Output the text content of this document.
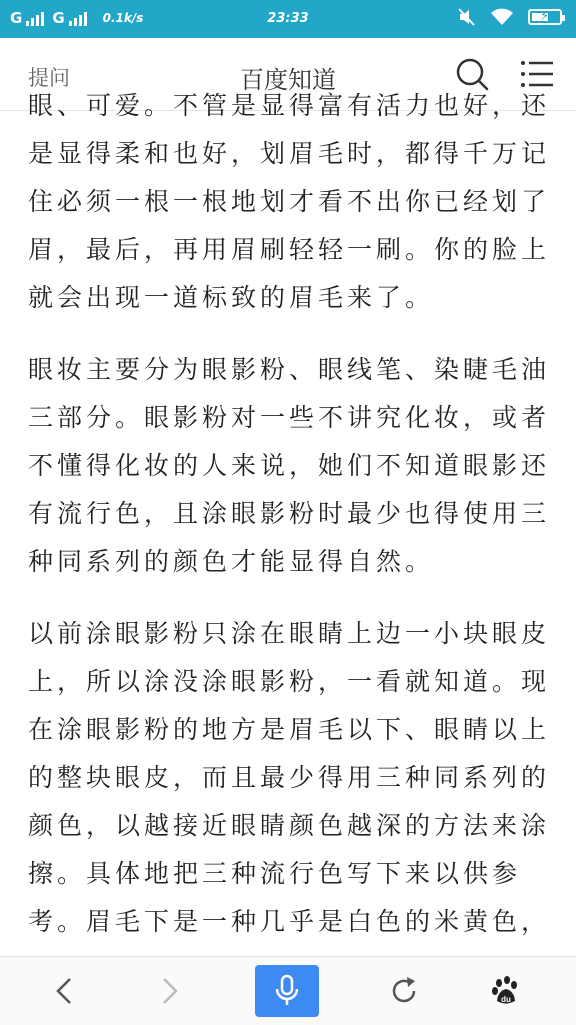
G G	0.1k/s	23:33	⚡
提问	百度知道

眼、可爱。不管是显得富有活力也好，还是显得柔和也好，划眉毛时，都得千万记住必须一根一根地划才看不出你已经划了眉，最后，再用眉刷轻轻一刷。你的脸上就会出现一道标致的眉毛来了。

眼妆主要分为眼影粉、眼线笔、染睫毛油三部分。眼影粉对一些不讲究化妆，或者不懂得化妆的人来说，她们不知道眼影还有流行色，且涂眼影粉时最少也得使用三种同系列的颜色才能显得自然。

以前涂眼影粉只涂在眼睛上边一小块眼皮上，所以涂没涂眼影粉，一看就知道。现在涂眼影粉的地方是眉毛以下、眼睛以上的整块眼皮，而且最少得用三种同系列的颜色，以越接近眼睛颜色越深的方法来涂擦。具体地把三种流行色写下来以供参考。眉毛下是一种几乎是白色的米黄色，

du
